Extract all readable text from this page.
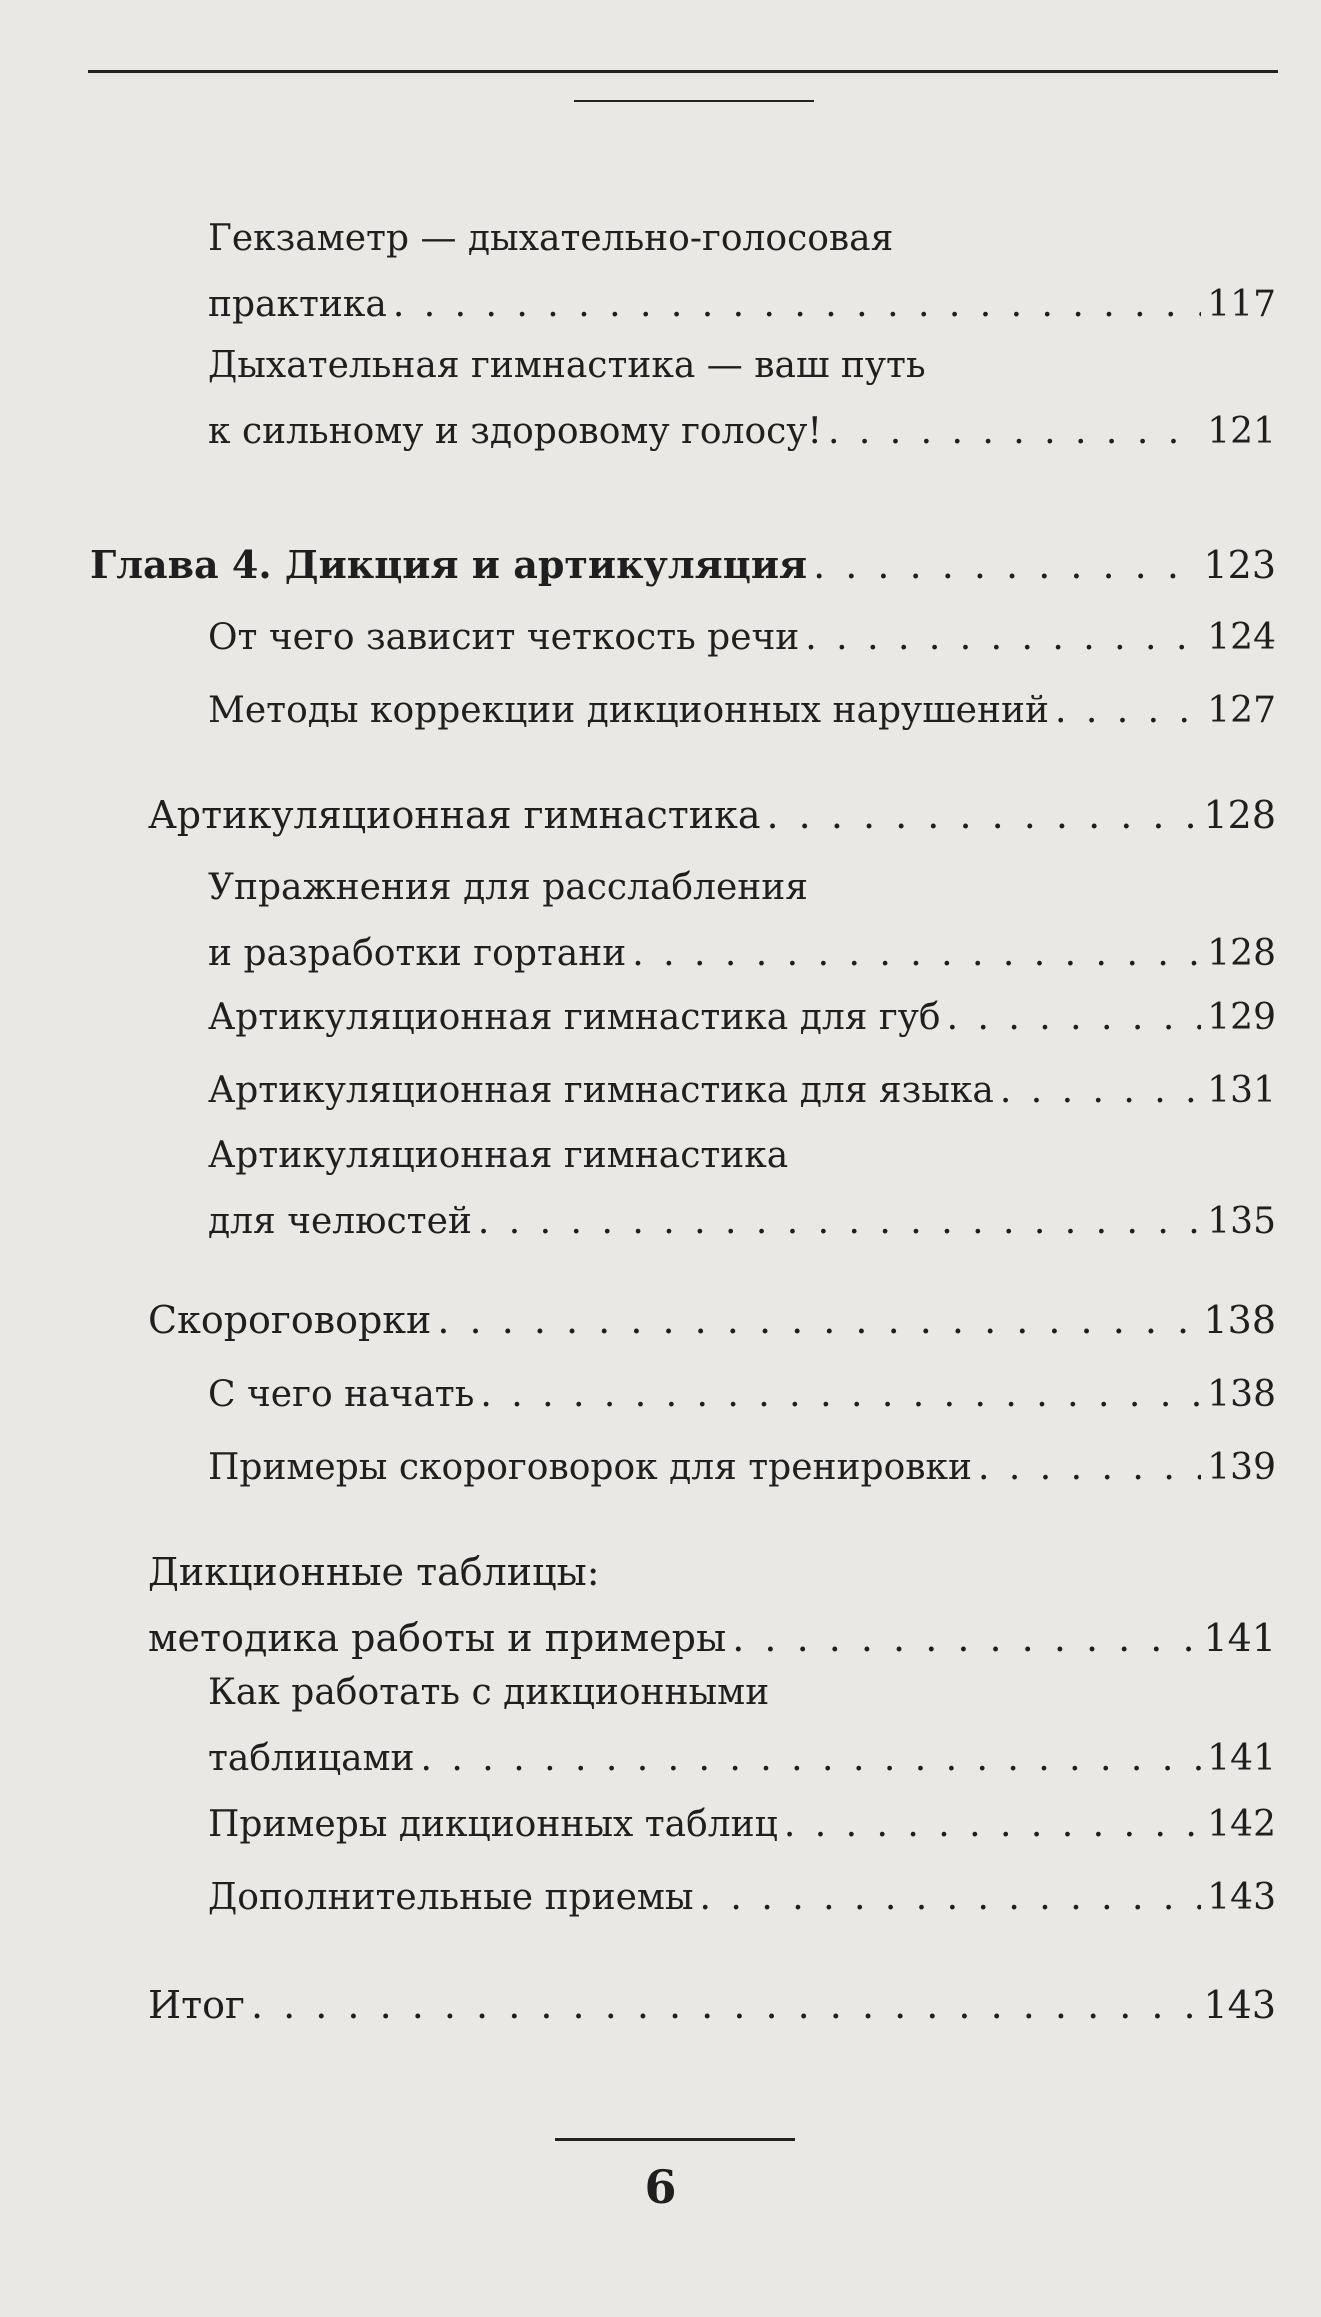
Гекзаметр — дыхательно-голосовая
практика . . .	117
Дыхательная гимнастика — ваш путь
к сильному и здоровому голосу! . . .	121
Глава 4. Дикция и артикуляция . . .	123
От чего зависит четкость речи . . .	124
Методы коррекции дикционных нарушений . . .	127
Артикуляционная гимнастика . . .	128
Упражнения для расслабления
и разработки гортани . . .	128
Артикуляционная гимнастика для губ . . .	129
Артикуляционная гимнастика для языка . . .	131
Артикуляционная гимнастика
для челюстей . . .	135
Скороговорки . . .	138
С чего начать . . .	138
Примеры скороговорок для тренировки . . .	139
Дикционные таблицы:
методика работы и примеры . . .	141
Как работать с дикционными
таблицами . . .	141
Примеры дикционных таблиц . . .	142
Дополнительные приемы . . .	143
Итог . . .	143
6
